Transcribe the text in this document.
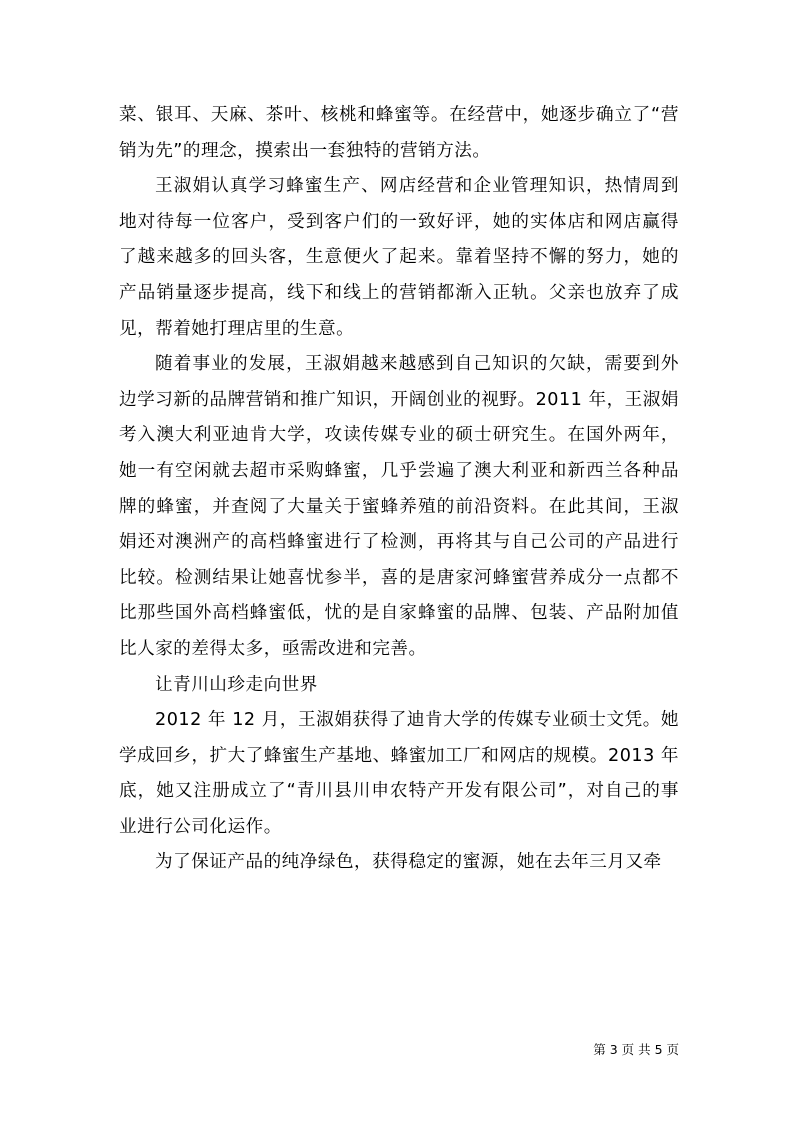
菜、银耳、天麻、茶叶、核桃和蜂蜜等。在经营中，她逐步确立了“营销为先”的理念，摸索出一套独特的营销方法。

王淑娟认真学习蜂蜜生产、网店经营和企业管理知识，热情周到地对待每一位客户，受到客户们的一致好评，她的实体店和网店赢得了越来越多的回头客，生意便火了起来。靠着坚持不懈的努力，她的产品销量逐步提高，线下和线上的营销都渐入正轨。父亲也放弃了成见，帮着她打理店里的生意。

随着事业的发展，王淑娟越来越感到自己知识的欠缺，需要到外边学习新的品牌营销和推广知识，开阔创业的视野。2011 年，王淑娟考入澳大利亚迪肯大学，攻读传媒专业的硕士研究生。在国外两年，她一有空闲就去超市采购蜂蜜，几乎尝遍了澳大利亚和新西兰各种品牌的蜂蜜，并查阅了大量关于蜜蜂养殖的前沿资料。在此其间，王淑娟还对澳洲产的高档蜂蜜进行了检测，再将其与自己公司的产品进行比较。检测结果让她喜忧参半，喜的是唐家河蜂蜜营养成分一点都不比那些国外高档蜂蜜低，忧的是自家蜂蜜的品牌、包装、产品附加值比人家的差得太多，亟需改进和完善。

让青川山珍走向世界

2012 年 12 月，王淑娟获得了迪肯大学的传媒专业硕士文凭。她学成回乡，扩大了蜂蜜生产基地、蜂蜜加工厂和网店的规模。2013 年底，她又注册成立了“青川县川申农特产开发有限公司”，对自己的事业进行公司化运作。

为了保证产品的纯净绿色，获得稳定的蜜源，她在去年三月又牵

第 3 页 共 5 页
